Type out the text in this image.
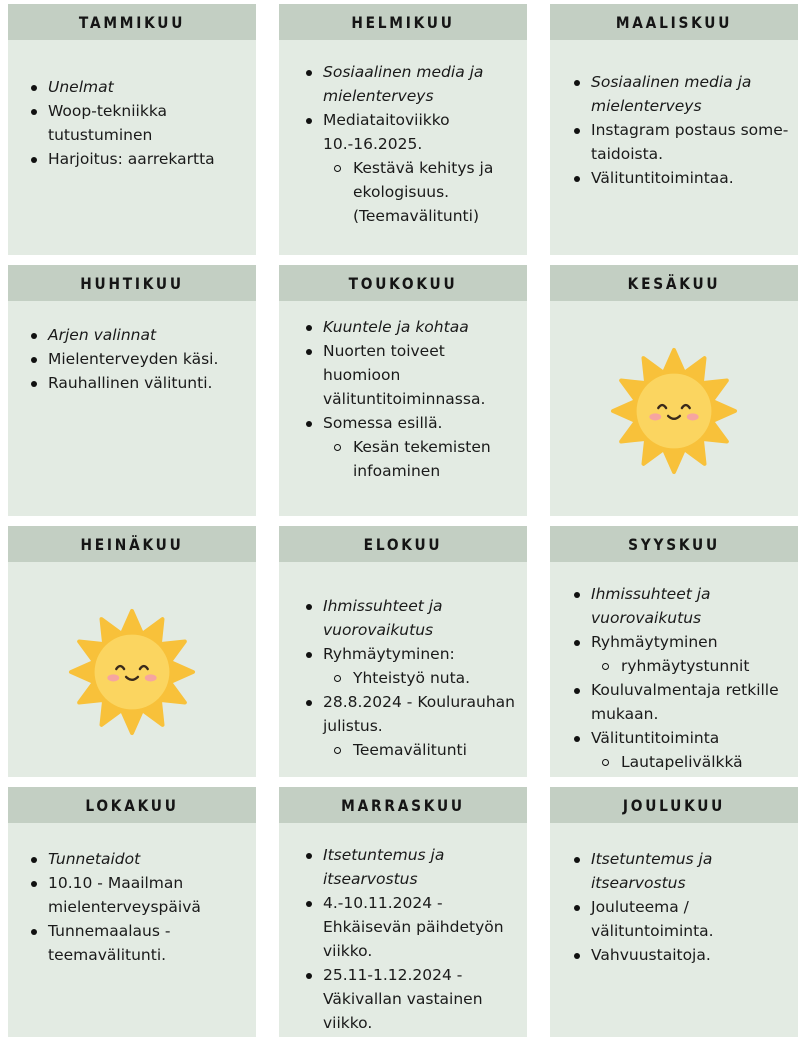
TAMMIKUU
Unelmat
Woop-tekniikka tutustuminen
Harjoitus: aarrekartta
HELMIKUU
Sosiaalinen media ja mielenterveys
Mediataitoviikko 10.-16.2025.
Kestävä kehitys ja ekologisuus. (Teemavälitunti)
MAALISKUU
Sosiaalinen media ja mielenterveys
Instagram postaus some-taidoista.
Välituntitoimintaa.
HUHTIKUU
Arjen valinnat
Mielenterveyden käsi.
Rauhallinen välitunti.
TOUKOKUU
Kuuntele ja kohtaa
Nuorten toiveet huomioon välituntitoiminnassa.
Somessa esillä.
Kesän tekemisten infoaminen
KESÄKUU
HEINÄKUU	ELOKUU
Ihmissuhteet ja vuorovaikutus
Ryhmäytyminen:
Yhteistyö nuta.
28.8.2024 - Koulurauhan julistus.
Teemavälitunti
SYYSKUU
Ihmissuhteet ja vuorovaikutus
Ryhmäytyminen
ryhmäytystunnit
Kouluvalmentaja retkille mukaan.
Välituntitoiminta
Lautapelivälkkä
LOKAKUU
Tunnetaidot
10.10 - Maailman mielenterveyspäivä
Tunnemaalaus - teemavälitunti.
MARRASKUU
Itsetuntemus ja itsearvostus
4.-10.11.2024 - Ehkäisevän päihdetyön viikko.
25.11-1.12.2024 - Väkivallan vastainen viikko.
JOULUKUU
Itsetuntemus ja itsearvostus
Jouluteema / välituntoiminta.
Vahvuustaitoja.
